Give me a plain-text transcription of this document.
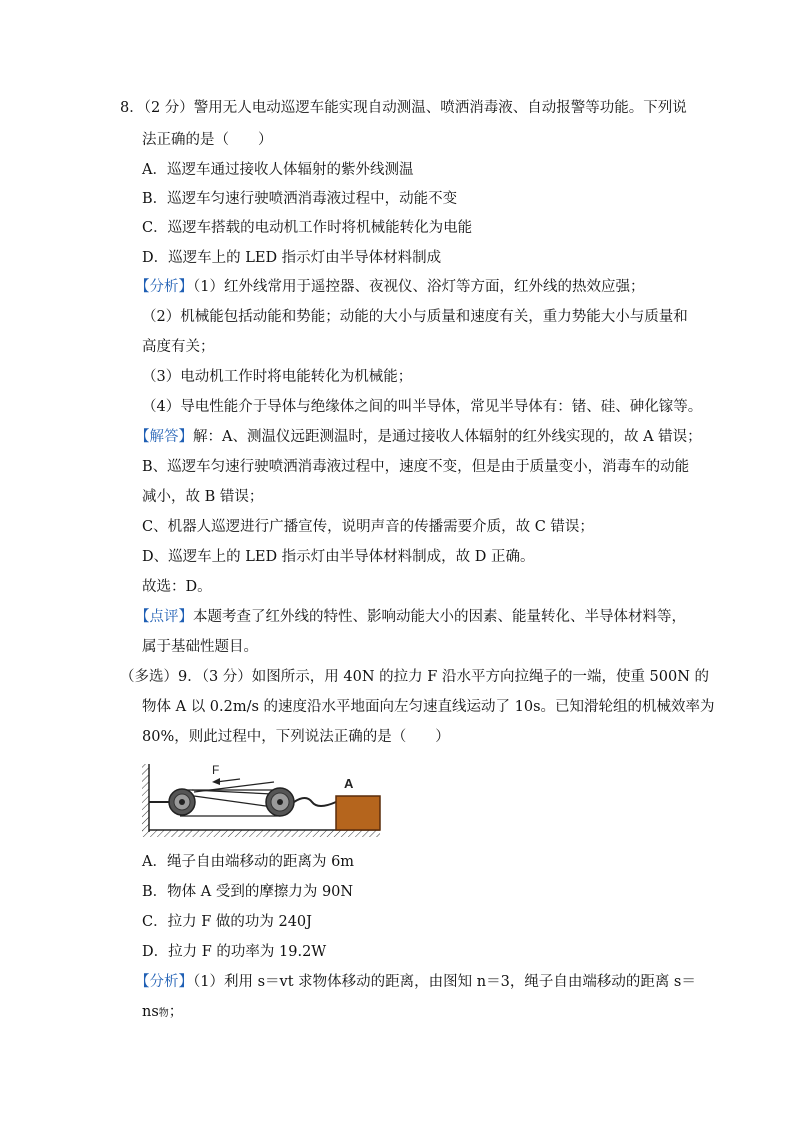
8．（2 分）警用无人电动巡逻车能实现自动测温、喷洒消毒液、自动报警等功能。下列说
法正确的是（　　）
A．巡逻车通过接收人体辐射的紫外线测温
B．巡逻车匀速行驶喷洒消毒液过程中，动能不变
C．巡逻车搭载的电动机工作时将机械能转化为电能
D．巡逻车上的 LED 指示灯由半导体材料制成
【分析】（1）红外线常用于遥控器、夜视仪、浴灯等方面，红外线的热效应强；
（2）机械能包括动能和势能；动能的大小与质量和速度有关，重力势能大小与质量和
高度有关；
（3）电动机工作时将电能转化为机械能；
（4）导电性能介于导体与绝缘体之间的叫半导体，常见半导体有：锗、硅、砷化镓等。
【解答】解：A、测温仪远距测温时，是通过接收人体辐射的红外线实现的，故 A 错误；
B、巡逻车匀速行驶喷洒消毒液过程中，速度不变，但是由于质量变小，消毒车的动能
减小，故 B 错误；
C、机器人巡逻进行广播宣传，说明声音的传播需要介质，故 C 错误；
D、巡逻车上的 LED 指示灯由半导体材料制成，故 D 正确。
故选：D。
【点评】本题考查了红外线的特性、影响动能大小的因素、能量转化、半导体材料等，
属于基础性题目。
（多选）9．（3 分）如图所示，用 40N 的拉力 F 沿水平方向拉绳子的一端，使重 500N 的
物体 A 以 0.2m/s 的速度沿水平地面向左匀速直线运动了 10s。已知滑轮组的机械效率为
80%，则此过程中，下列说法正确的是（　　）
F
A
A．绳子自由端移动的距离为 6m
B．物体 A 受到的摩擦力为 90N
C．拉力 F 做的功为 240J
D．拉力 F 的功率为 19.2W
【分析】（1）利用 s＝vt 求物体移动的距离，由图知 n＝3，绳子自由端移动的距离 s＝
ns物；
